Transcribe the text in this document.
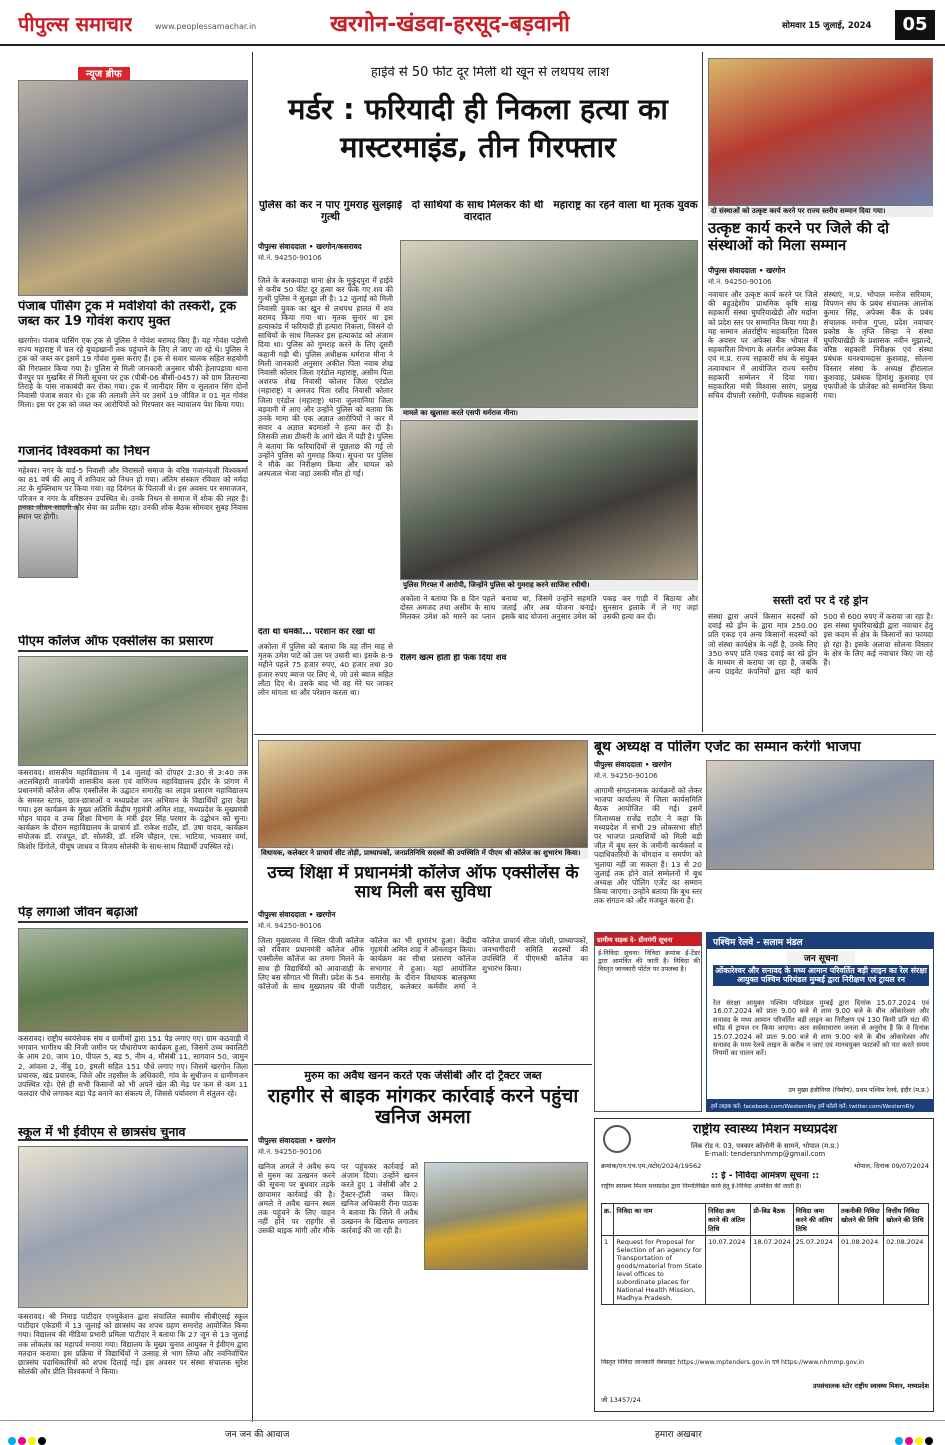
पीपुल्स समाचार	www.peoplessamachar.in	खरगोन-खंडवा-हरसूद-बड़वानी	सोमवार 15 जुलाई, 2024	05
न्यूज ब्रीफ
पंजाब पॉसिंग ट्रक में मवेशियों की तस्करी, ट्रक जब्त कर 19 गोवंश कराए मुक्त
खरगोन। पंजाब पासिंग एक ट्रक से पुलिस ने गोवंश बरामद किए हैं। यह गोवंश पड़ोसी राज्य महाराष्ट्र में चल रहे बूचड़खानों तक पहुंचाने के लिए ले जाए जा रहे थे। पुलिस ने ट्रक को जब्त कर इसमें 19 गोवंश मुक्त कराए हैं। ट्रक से सवार चालक सहित सहयोगी की गिरफ्तार किया गया है। पुलिस से मिली जानकारी अनुसार चौकी हेलापड़ावा थाना चैनपुर पर मुखबिर से मिली सूचना पर ट्रक (पीबी-06 बीसी-0457) को ग्राम तितरान्या तिराहे के पास नाकाबंदी कर रोका गया। ट्रक में जानीदार सिंग व सुलतान सिंग दोनों निवासी पंजाब सवार थे। ट्रक की तलाशी लेने पर उसमें 19 जीवित व 01 मृत गोवंश मिला। इस पर ट्रक को जब्त कर आरोपियों को गिरफ्तार कर न्यायालय पेश किया गया।
गजानंद विश्वकर्मा का निधन
महेश्वर। नगर के वार्ड-5 निवासी और विरासतों समाज के वरिष्ठ गजानंदजी विश्वकर्मा का 81 वर्ष की आयु में शनिवार को निधन हो गया। अंतिम संस्कार रविवार को नर्मदा तट के मुक्तिधाम पर किया गया। वह दिवंगत के पिताजी थे। इस अवसर पर समाजजन, परिजन व नगर के वरिष्ठजन उपस्थित थे। उनके निधन से समाज में शोक की लहर है। उनका जीवन सादगी और सेवा का प्रतीक रहा। उनकी शोक बैठक सोमवार सुबह निवास स्थान पर होगी।
पीएम कॉलेज ऑफ एक्सीलेंस का प्रसारण
कसरावद। शासकीय महाविद्यालय में 14 जुलाई को दोपहर 2:30 से 3:40 तक अटलबिहारी वाजपेयी शासकीय कला एवं वाणिज्य महाविद्यालय इंदौर के प्रांगण में प्रधानमंत्री कॉलेज ऑफ एक्सीलेंस के उद्घाटन समारोह का लाइव प्रसारण महाविद्यालय के समस्त स्टाफ, छात्र-छात्राओं व मध्यप्रदेश जन अभियान के विद्यार्थियों द्वारा देखा गया। इस कार्यक्रम के मुख्य अतिथि केंद्रीय गृहमंत्री अमित शाह, मध्यप्रदेश के मुख्यमंत्री मोहन यादव व उच्च शिक्षा विभाग के मंत्री इंदर सिंह परमार के उद्बोधन को सुना। कार्यक्रम के दौरान महाविद्यालय के प्राचार्य डॉ. राकेश राठौर, डॉ. उषा यादव, कार्यक्रम संयोजक डॉ. राजपूत, डॉ. सोलंकी, डॉ. रश्मि चौहान, एस. भाटिया, भावसार वर्मा, किशोर डिंगोले, पीयूष जाधव व विजय सोलंकी के साथ-साथ विद्यार्थी उपस्थित रहे।
पेड़ लगाओ जीवन बढ़ाओ
कसरावद। राष्ट्रीय स्वयंसेवक संघ व ग्रामीणों द्वारा 151 पेड़ लगाए गए। ग्राम कठवाड़ी में भगवान भागीरथ की निजी जमीन पर पौधारोपण कार्यक्रम हुआ, जिसमें उच्च क्वालिटी के आम 20, जाम 10, पीपल 5, बड़ 5, नीम 4, मौसंबी 11, सागवान 50, जामुन 2, आंवला 2, नींबू 10, इमली सहित 151 पौधे लगाए गए। जिसमें खरगोन जिला प्रचारक, खंड प्रचारक, जिले और तहसील के अधिकारी, गांव के सुधीजन व ग्रामीणजन उपस्थित रहे। ऐसे ही सभी किसानों को भी अपने खेत की मेढ़ पर कम से कम 11 फलदार पौधे लगाकर बड़ा पेड़ बनाने का संकल्प लें, जिससे पर्यावरण में संतुलन रहे।
स्कूल में भी ईवीएम से छात्रसंघ चुनाव
कसरावद। श्री निमाड़ पाटीदार एज्युकेशन द्वारा संचालित स्वामीय सीबीएसई स्कूल पाटीदार एकेडमी में 13 जुलाई को छात्रसंघ का शपथ ग्रहण समारोह आयोजित किया गया। विद्यालय की मीडिया प्रभारी प्रमिला पाटीदार ने बताया कि 27 जून से 13 जुलाई तक लोकतंत्र का महापर्व मनाया गया। विद्यालय के मुख्य चुनाव आयुक्त ने ईवीएम द्वारा मतदान कराया। इस प्रक्रिया में विद्यार्थियों ने उत्साह से भाग लिया और नवनिर्वाचित छात्रसंघ पदाधिकारियों को शपथ दिलाई गई। इस अवसर पर संस्था संचालक सुरेश सोलंकी और प्रीति विश्वकर्मा ने किया।
हाईवे से 50 फीट दूर मिली थी खून से लथपथ लाश
मर्डर : फरियादी ही निकला हत्या का मास्टरमाइंड, तीन गिरफ्तार
पुलिस को कर न पाए गुमराह सुलझाई गुत्थी
दो साथियों के साथ मिलकर की थी वारदात
महाराष्ट्र का रहने वाला था मृतक युवक
पीपुल्स संवाददाता • खरगोन/कसरावद
मो.नं. 94250-90106
जिले के बलकवाड़ा थाना क्षेत्र के मुकुंदपुरा में हाईवे से करीब 50 फीट दूर हत्या कर फेंके गए शव की गुत्थी पुलिस ने सुलझा ली है। 12 जुलाई को मिली निवासी युवक का खून से लथपथ हालत में शव बरामद किया गया था। मृतक सुनार था इस हत्याकांड में फरियादी ही हत्यारा निकला, जिसने दो साथियों के साथ मिलकर इस हत्याकांड को अंजाम दिया था। पुलिस को गुमराह करने के लिए दूसरी कहानी गढ़ी थी। पुलिस अधीक्षक धर्मराज मीना ने मिली जानकारी अनुसार अकील पिता नवाब शेख निवासी कोलार जिला एरंडोल महाराष्ट्र, असीम पिता अशरफ शेख निवासी कोलार जिला एरंडोल (महाराष्ट्र) व अमजद पिता रशीद निवासी कोलार जिला एरंडोल (महाराष्ट्र) थाना जुलवानिया जिला बड़वानी में आए और उन्होंने पुलिस को बताया कि उनके मामा की एक अज्ञात आरोपियों ने कार में सवार 4 अज्ञात बदमाशों ने हत्या कर दी है। जिसकी लाश ठीकरी के आगे खेत में पड़ी है। पुलिस ने बताया कि फरियादियों से पूछताछ की गई तो उन्होंने पुलिस को गुमराह किया। सूचना पर पुलिस ने मौके का निरीक्षण किया और घायल को अस्पताल भेजा जहां उसकी मौत हो गई।
देता था धमकी... परेशान कर रखा था
अकोला में पुलिस को बताया कि वह तीन माह से मृतक उमेश पाटे को उस पर उधारी था। इसके 8-9 महीने पहले 75 हजार रुपए, 40 हजार तथा 30 हजार रुपए ब्याज पर लिए थे, जो उसे ब्याज सहित लौटा दिए थे। उसके बाद भी वह मेरे घर जाकर लोन मांगता था और परेशान करता था।
मामले का खुलासा करते एसपी धर्मराज मीना।
पुलिस गिरफ्त में आरोपी, जिन्होंने पुलिस को गुमराह करने साजिश रचीथी।
अकोला ने बताया कि 8 दिन पहले दोस्त अमजद तथा असीम के साथ मिलकर उमेश को मारने का प्लान बनाया था, जिसमें उन्होंने सहमति जताई और अब योजना बनाई। इसके बाद योजना अनुसार उमेश को पकड़ कर गाड़ी में बिठाया और सुनसान इलाके में ले गए जहां उसकी हत्या कर दी।
रैलिंग खत्म होती ही फेंक दिया शव
दो संस्थाओं को उत्कृष्ट कार्य करने पर राज्य स्तरीय सम्मान दिया गया।
उत्कृष्ट कार्य करने पर जिले की दो संस्थाओं को मिला सम्मान
पीपुल्स संवाददाता • खरगोन
मो.नं. 94250-90106
नवाचार और उत्कृष्ट कार्य करने पर जिले की बहुउद्देशीय प्राथमिक कृषि साख सहकारी संस्था घुघरियाखेड़ी और मर्दाना को प्रदेश स्तर पर सम्मानित किया गया है। यह सम्मान अंतर्राष्ट्रीय सहकारिता दिवस के अवसर पर अपेक्स बैंक भोपाल में सहकारिता विभाग के अंतर्गत अपेक्स बैंक एवं म.प्र. राज्य सहकारी संघ के संयुक्त तत्वावधान में आयोजित राज्य स्तरीय सहकारी सम्मेलन में दिया गया। सहकारिता मंत्री विश्वास सारंग, प्रमुख सचिव दीपाली रस्तोगी, पंजीयक सहकारी संस्थाएं, म.प्र. भोपाल मनोज सरियाम, विपणन संघ के प्रबंध संचालक आलोक कुमार सिंह, अपेक्स बैंक के प्रबंध संचालक मनोज गुप्ता, प्रदेश नवाचार प्रकोष्ठ के तृप्ति सिन्हा ने संस्था घुघरियाखेड़ी के प्रशासक नवीन मुझाल्दे, वरिष्ठ सहकारी निरीक्षक एवं संस्था प्रबंधक घनश्यामदास कुशवाह, सोलना विस्तार संस्था के अध्यक्ष हीरालाल कुशवाह, प्रबंधक हिमांशु कुशवाह एवं एफपीओ के प्रोजेक्ट को सम्मानित किया गया।
सस्ती दरों पर दे रहे ड्रोन
संस्था द्वारा अपने किसान सदस्यों को दवाई स्प्रे ड्रोन के द्वारा मात्र 250.00 प्रति एकड़ एवं अन्य किसानों सदस्यों को जो संस्था कार्यक्षेत्र के नहीं है, उनके लिए 350 रुपए प्रति एकड़ दवाई का स्प्रे ड्रोन के माध्यम से कराया जा रहा है, जबकि अन्य प्राइवेट कंपनियों द्वारा यही कार्य 500 से 600 रुपए में कराया जा रहा है। इस संस्था घुघरियाखेड़ी द्वारा नवाचार हेतु इस कदम से क्षेत्र के किसानों का फायदा हो रहा है। इसके अलावा सोलना विस्तार के क्षेत्र के लिए कई नवाचार किए जा रहे हैं।
विधायक, कलेक्टर ने प्राचार्य सीट तोड़ी, प्राध्यापकों, जनप्रतिनिधि सदस्यों की उपस्थिति में पीएम श्री कॉलेज का शुभारंभ किया।
उच्च शिक्षा में प्रधानमंत्री कॉलेज ऑफ एक्सीलेंस के साथ मिली बस सुविधा
पीपुल्स संवाददाता • खरगोन
मो.नं. 94250-90106
जिला मुख्यालय में स्थित पीजी कॉलेज को रविवार प्रधानमंत्री कॉलेज ऑफ एक्सीलेंस कॉलेज का तमगा मिलने के साथ ही विद्यार्थियों को आवाजाही के लिए बस सौगात भी मिली। प्रदेश के 54 कॉलेजों के साथ मुख्यालय की पीजी कॉलेज का भी शुभारंभ हुआ। केंद्रीय गृहमंत्री अमित शाह ने ऑनलाइन किया। कार्यक्रम का सीधा प्रसारण कॉलेज सभागार में हुआ। यहां आयोजित समारोह के दौरान विधायक बालकृष्ण पाटीदार, कलेक्टर कर्मवीर शर्मा ने कॉलेज प्राचार्य सीता जोशी, प्राध्यापकों, जनभागीदारी समिति सदस्यों की उपस्थिति में पीएमश्री कॉलेज का शुभारंभ किया।
बूथ अध्यक्ष व पोलिंग एजेंट का सम्मान करेगी भाजपा
पीपुल्स संवाददाता • खरगोन
मो.नं. 94250-90106
आगामी संगठनात्मक कार्यक्रमों को लेकर भाजपा कार्यालय में जिला कार्यसमिति बैठक आयोजित की गई। इसमें जिलाध्यक्ष राजेंद्र राठौर ने कहा कि मध्यप्रदेश में सभी 29 लोकसभा सीटों पर भाजपा प्रत्याशियों को मिली बड़ी जीत में बूथ स्तर के जमीनी कार्यकर्ता व पदाधिकारियों के योगदान व समर्पण को भुलाया नहीं जा सकता है। 13 से 20 जुलाई तक होने वाले सम्मेलनों में बूथ अध्यक्ष और पोलिंग एजेंट का सम्मान किया जाएगा। उन्होंने बताया कि बूथ स्तर तक संगठन को और मजबूत करना है।
पश्चिम रेलवे - सलाम मंडल
जन सूचना
ओंकारेश्वर और सनावद के मध्य आमान परिवर्तित बड़ी लाइन का रेल संरक्षा आयुक्त पश्चिम परिमंडल मुम्बई द्वारा निरीक्षण एवं ट्रायल रन
रेल संरक्षा आयुक्त पश्चिम परिमंडल मुम्बई द्वारा दिनांक 15.07.2024 एवं 16.07.2024 को प्रातः 9.00 बजे से शाम 9.00 बजे के बीच ओंकारेश्वर और सनावद के मध्य आमान परिवर्तित बड़ी लाइन का निरीक्षण एवं 130 किमी प्रति घंटा की स्पीड से ट्रायल रन किया जाएगा। अतः सर्वसाधारण जनता से अनुरोध है कि वे दिनांक 15.07.2024 को प्रातः 9.00 बजे से शाम 9.00 बजे के बीच ओंकारेश्वर और सनावद के मध्य रेलवे लाइन के करीब न जाएं एवं मानवयुक्त फाटकों को पार करते समय नियमों का पालन करें।
उप मुख्य इंजीनियर (निर्माण), प्रथम पश्चिम रेलवे, इंदौर (म.प्र.)
हमें लाइक करें: facebook.com/WesternRly हमें फॉलो करें: twitter.com/WesternRly
ग्रामीण सड़क दे- ग्रीनगंगी सूचना
ई-निविदा सूचना। निविदा क्रमांक ई-टेंडर द्वारा आमंत्रित की जाती है। निविदा की विस्तृत जानकारी पोर्टल पर उपलब्ध है।
मुरुम का अवैध खनन करते एक जेसीबी और दो ट्रैक्टर जब्त
राहगीर से बाइक मांगकर कार्रवाई करने पहुंचा खनिज अमला
पीपुल्स संवाददाता • खरगोन
मो.नं. 94250-90106
खनिज अमले ने अवैध रूप से मुरुम का उत्खनन करने की सूचना पर बुधवार तड़के छापामार कार्रवाई की है। अमले ने अवैध खनन स्थल तक पहुंचने के लिए वाहन नहीं होने पर राहगीर से उसकी बाइक मांगी और मौके पर पहुंचकर कार्रवाई को अंजाम दिया। उन्होंने खनन करते हुए 1 जेसीबी और 2 ट्रैक्टर-ट्रॉली जब्त किए। खनिज अधिकारी रीना पाठक ने बताया कि जिले में अवैध उत्खनन के खिलाफ लगातार कार्रवाई की जा रही है।
राष्ट्रीय स्वास्थ्य मिशन मध्यप्रदेश
लिंक रोड नं. 03, पत्रकार कॉलोनी के सामने, भोपाल (म.प्र.)
E-mail: tendersnhmmp@gmail.com
क्रमांक/एन.एच.एम./स्टोर/2024/19562	भोपाल, दिनांक 09/07/2024
:: ई - निविदा आमंत्रण सूचना ::
राष्ट्रीय स्वास्थ्य मिशन मध्यप्रदेश द्वारा निम्नलिखित कार्य हेतु ई-निविदा आमंत्रित की जाती है।
क्र.	निविदा का नाम	निविदा क्रय करने की अंतिम तिथि	प्री-बिड बैठक	निविदा जमा करने की अंतिम तिथि	तकनीकी निविदा खोलने की तिथि	वित्तीय निविदा खोलने की तिथि
1	Request for Proposal for Selection of an agency for Transportation of goods/material from State level offices to subordinate places for National Health Mission, Madhya Pradesh.	10.07.2024	18.07.2024	25.07.2024	01.08.2024	02.08.2024
विस्तृत निविदा जानकारी वेबसाइट https://www.mptenders.gov.in एवं https://www.nhmmp.gov.in
जी 13457/24
उपसंचालक स्टोर राष्ट्रीय स्वास्थ्य मिशन, मध्यप्रदेश
जन जन की आवाज	हमारा अखबार
